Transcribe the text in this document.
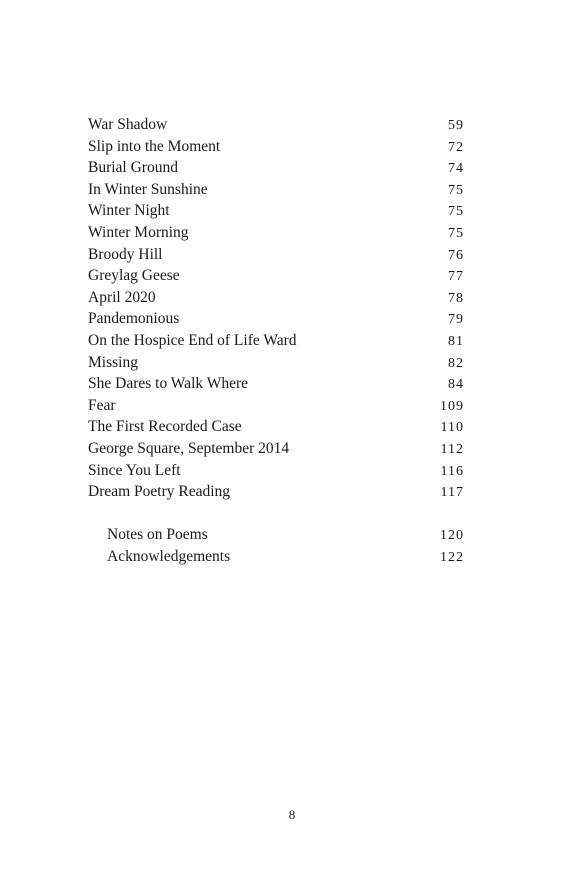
War Shadow	59
Slip into the Moment	72
Burial Ground	74
In Winter Sunshine	75
Winter Night	75
Winter Morning	75
Broody Hill	76
Greylag Geese	77
April 2020	78
Pandemonious	79
On the Hospice End of Life Ward	81
Missing	82
She Dares to Walk Where	84
Fear	109
The First Recorded Case	110
George Square, September 2014	112
Since You Left	116
Dream Poetry Reading	117
Notes on Poems	120
Acknowledgements	122
8
